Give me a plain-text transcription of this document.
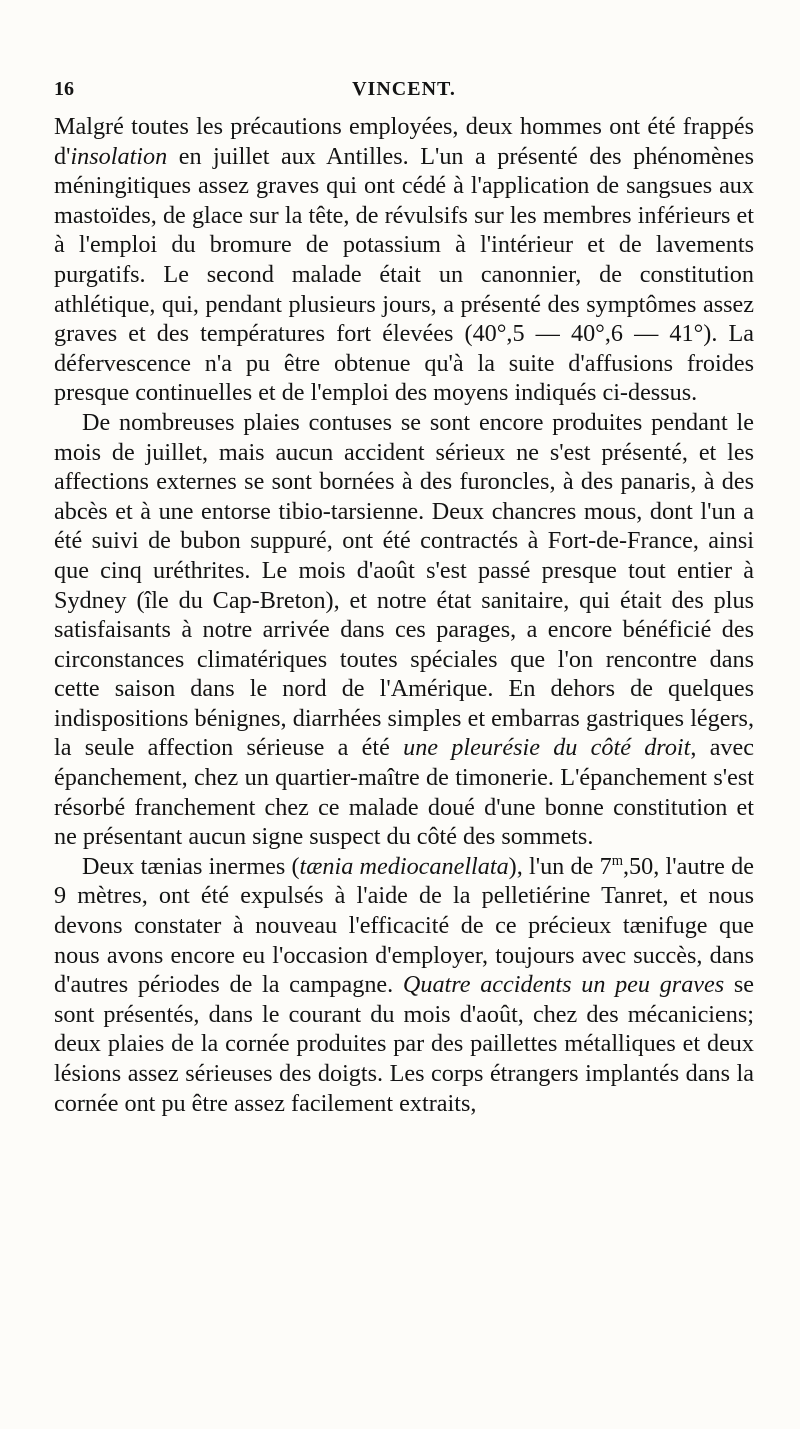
16	VINCENT.

Malgré toutes les précautions employées, deux hommes ont été frappés d'insolation en juillet aux Antilles. L'un a présenté des phénomènes méningitiques assez graves qui ont cédé à l'application de sangsues aux mastoïdes, de glace sur la tête, de révulsifs sur les membres inférieurs et à l'emploi du bromure de potassium à l'intérieur et de lavements purgatifs. Le second malade était un canonnier, de constitution athlétique, qui, pendant plusieurs jours, a présenté des symptômes assez graves et des températures fort élevées (40°,5 — 40°,6 — 41°). La défervescence n'a pu être obtenue qu'à la suite d'affusions froides presque continuelles et de l'emploi des moyens indiqués ci-dessus.

De nombreuses plaies contuses se sont encore produites pendant le mois de juillet, mais aucun accident sérieux ne s'est présenté, et les affections externes se sont bornées à des furoncles, à des panaris, à des abcès et à une entorse tibio-tarsienne. Deux chancres mous, dont l'un a été suivi de bubon suppuré, ont été contractés à Fort-de-France, ainsi que cinq uréthrites. Le mois d'août s'est passé presque tout entier à Sydney (île du Cap-Breton), et notre état sanitaire, qui était des plus satisfaisants à notre arrivée dans ces parages, a encore bénéficié des circonstances climatériques toutes spéciales que l'on rencontre dans cette saison dans le nord de l'Amérique. En dehors de quelques indispositions bénignes, diarrhées simples et embarras gastriques légers, la seule affection sérieuse a été une pleurésie du côté droit, avec épanchement, chez un quartier-maître de timonerie. L'épanchement s'est résorbé franchement chez ce malade doué d'une bonne constitution et ne présentant aucun signe suspect du côté des sommets.

Deux tænias inermes (tænia mediocanellata), l'un de 7$^m$,50, l'autre de 9 mètres, ont été expulsés à l'aide de la pelletiérine Tanret, et nous devons constater à nouveau l'efficacité de ce précieux tænifuge que nous avons encore eu l'occasion d'employer, toujours avec succès, dans d'autres périodes de la campagne. Quatre accidents un peu graves se sont présentés, dans le courant du mois d'août, chez des mécaniciens; deux plaies de la cornée produites par des paillettes métalliques et deux lésions assez sérieuses des doigts. Les corps étrangers implantés dans la cornée ont pu être assez facilement extraits,
